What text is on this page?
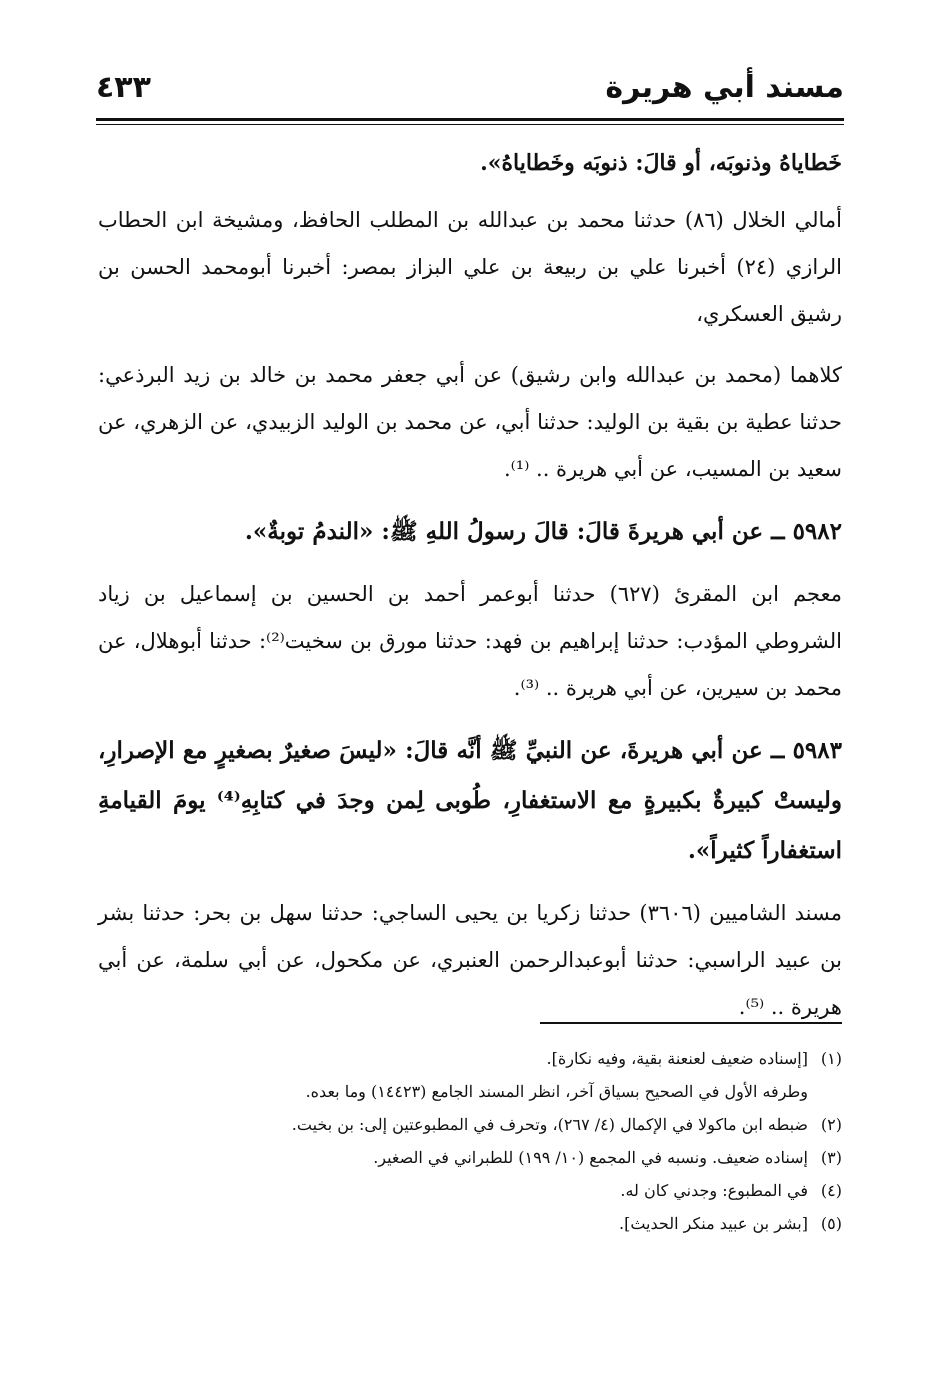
مسند أبي هريرة
٤٣٣

خَطاياهُ وذنوبَه، أو قالَ: ذنوبَه وخَطاياهُ».

أمالي الخلال (٨٦) حدثنا محمد بن عبدالله بن المطلب الحافظ، ومشيخة ابن الحطاب الرازي (٢٤) أخبرنا علي بن ربيعة بن علي البزاز بمصر: أخبرنا أبومحمد الحسن بن رشيق العسكري،

كلاهما (محمد بن عبدالله وابن رشيق) عن أبي جعفر محمد بن خالد بن زيد البرذعي: حدثنا عطية بن بقية بن الوليد: حدثنا أبي، عن محمد بن الوليد الزبيدي، عن الزهري، عن سعيد بن المسيب، عن أبي هريرة .. ⁽¹⁾.

٥٩٨٢ ــ عن أبي هريرةَ قالَ: قالَ رسولُ اللهِ ﷺ: «الندمُ توبةٌ».

معجم ابن المقرئ (٦٢٧) حدثنا أبوعمر أحمد بن الحسين بن إسماعيل بن زياد الشروطي المؤدب: حدثنا إبراهيم بن فهد: حدثنا مورق بن سخيت⁽²⁾: حدثنا أبوهلال، عن محمد بن سيرين، عن أبي هريرة .. ⁽³⁾.

٥٩٨٣ ــ عن أبي هريرةَ، عن النبيِّ ﷺ أنَّه قالَ: «ليسَ صغيرٌ بصغيرٍ مع الإصرارِ، وليستْ كبيرةٌ بكبيرةٍ مع الاستغفارِ، طُوبى لِمن وجدَ في كتابِهِ⁽⁴⁾ يومَ القيامةِ استغفاراً كثيراً».

مسند الشاميين (٣٦٠٦) حدثنا زكريا بن يحيى الساجي: حدثنا سهل بن بحر: حدثنا بشر بن عبيد الراسبي: حدثنا أبوعبدالرحمن العنبري، عن مكحول، عن أبي سلمة، عن أبي هريرة .. ⁽⁵⁾.

(١)[إسناده ضعيف لعنعنة بقية، وفيه نكارة].

وطرفه الأول في الصحيح بسياق آخر، انظر المسند الجامع (١٤٤٢٣) وما بعده.

(٢)ضبطه ابن ماكولا في الإكمال (٤/ ٢٦٧)، وتحرف في المطبوعتين إلى: بن بخيت.

(٣)إسناده ضعيف. ونسبه في المجمع (١٠/ ١٩٩) للطبراني في الصغير.

(٤)في المطبوع: وجدني كان له.

(٥)[بشر بن عبيد منكر الحديث].
